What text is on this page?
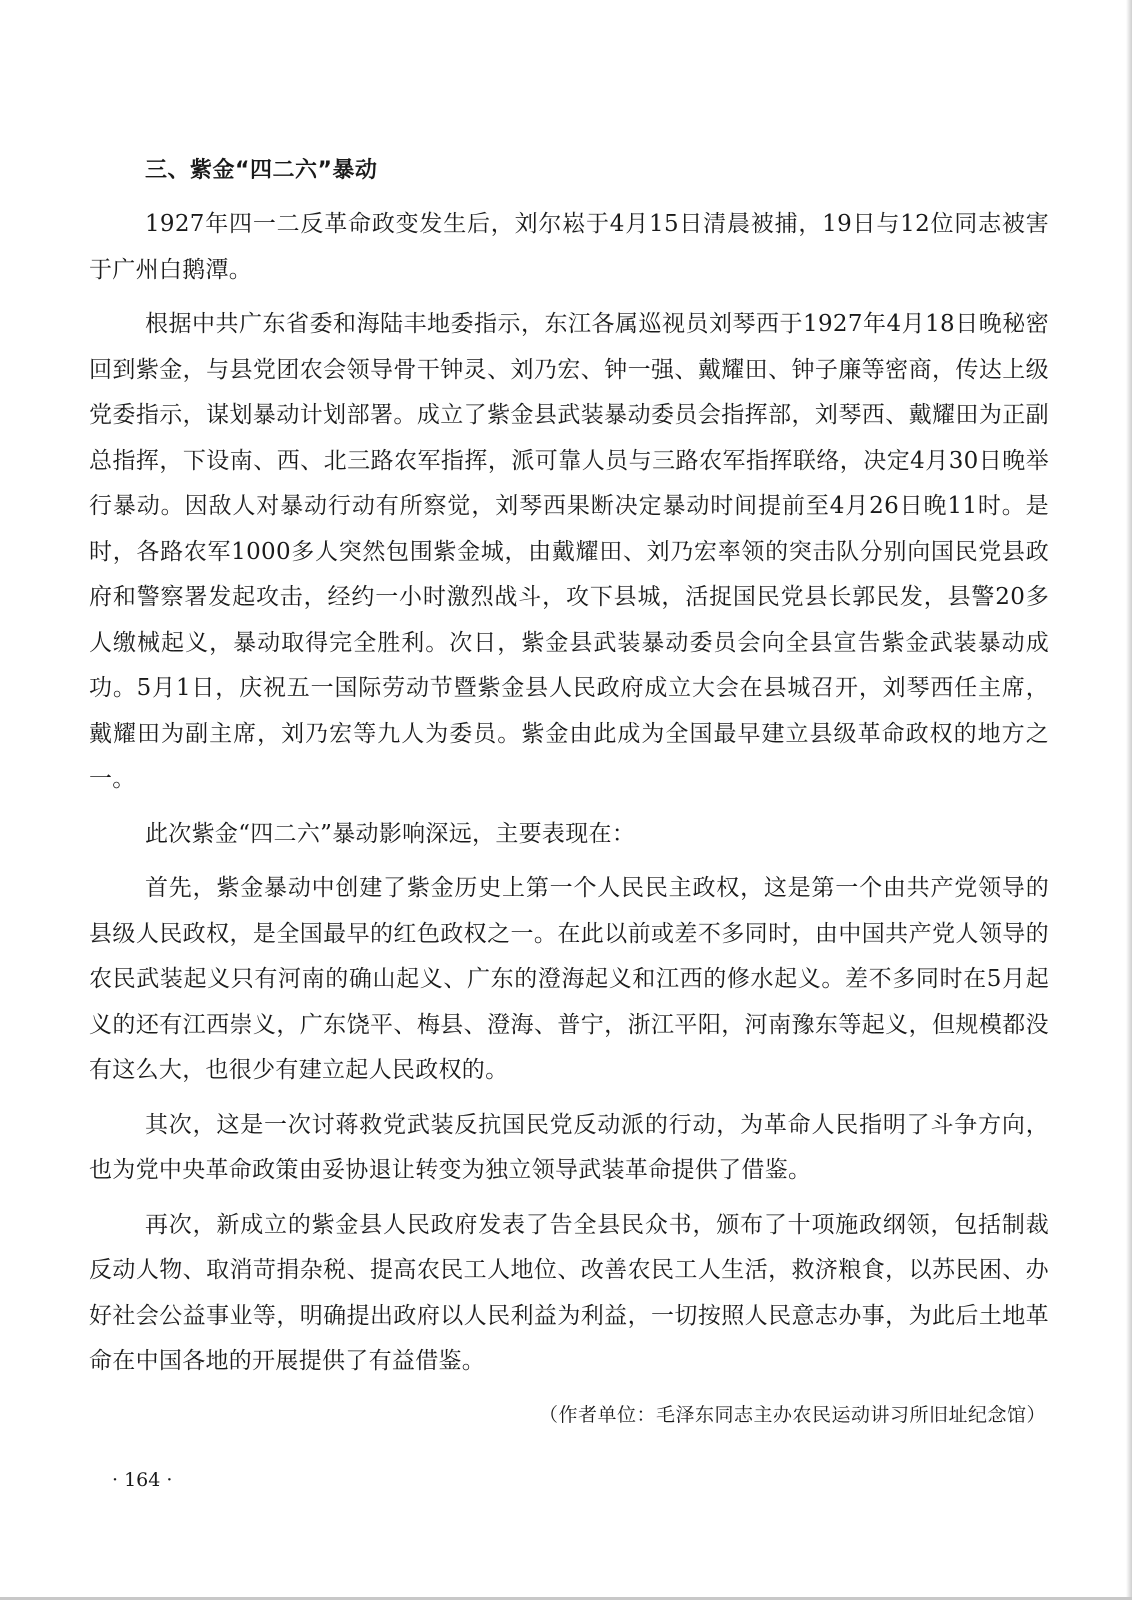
三、紫金“四二六”暴动

1927年四一二反革命政变发生后，刘尔崧于4月15日清晨被捕，19日与12位同志被害于广州白鹅潭。

根据中共广东省委和海陆丰地委指示，东江各属巡视员刘琴西于1927年4月18日晚秘密回到紫金，与县党团农会领导骨干钟灵、刘乃宏、钟一强、戴耀田、钟子廉等密商，传达上级党委指示，谋划暴动计划部署。成立了紫金县武装暴动委员会指挥部，刘琴西、戴耀田为正副总指挥，下设南、西、北三路农军指挥，派可靠人员与三路农军指挥联络，决定4月30日晚举行暴动。因敌人对暴动行动有所察觉，刘琴西果断决定暴动时间提前至4月26日晚11时。是时，各路农军1000多人突然包围紫金城，由戴耀田、刘乃宏率领的突击队分别向国民党县政府和警察署发起攻击，经约一小时激烈战斗，攻下县城，活捉国民党县长郭民发，县警20多人缴械起义，暴动取得完全胜利。次日，紫金县武装暴动委员会向全县宣告紫金武装暴动成功。5月1日，庆祝五一国际劳动节暨紫金县人民政府成立大会在县城召开，刘琴西任主席，戴耀田为副主席，刘乃宏等九人为委员。紫金由此成为全国最早建立县级革命政权的地方之一。

此次紫金“四二六”暴动影响深远，主要表现在：

首先，紫金暴动中创建了紫金历史上第一个人民民主政权，这是第一个由共产党领导的县级人民政权，是全国最早的红色政权之一。在此以前或差不多同时，由中国共产党人领导的农民武装起义只有河南的确山起义、广东的澄海起义和江西的修水起义。差不多同时在5月起义的还有江西崇义，广东饶平、梅县、澄海、普宁，浙江平阳，河南豫东等起义，但规模都没有这么大，也很少有建立起人民政权的。

其次，这是一次讨蒋救党武装反抗国民党反动派的行动，为革命人民指明了斗争方向，也为党中央革命政策由妥协退让转变为独立领导武装革命提供了借鉴。

再次，新成立的紫金县人民政府发表了告全县民众书，颁布了十项施政纲领，包括制裁反动人物、取消苛捐杂税、提高农民工人地位、改善农民工人生活，救济粮食，以苏民困、办好社会公益事业等，明确提出政府以人民利益为利益，一切按照人民意志办事，为此后土地革命在中国各地的开展提供了有益借鉴。

（作者单位：毛泽东同志主办农民运动讲习所旧址纪念馆）
· 164 ·
